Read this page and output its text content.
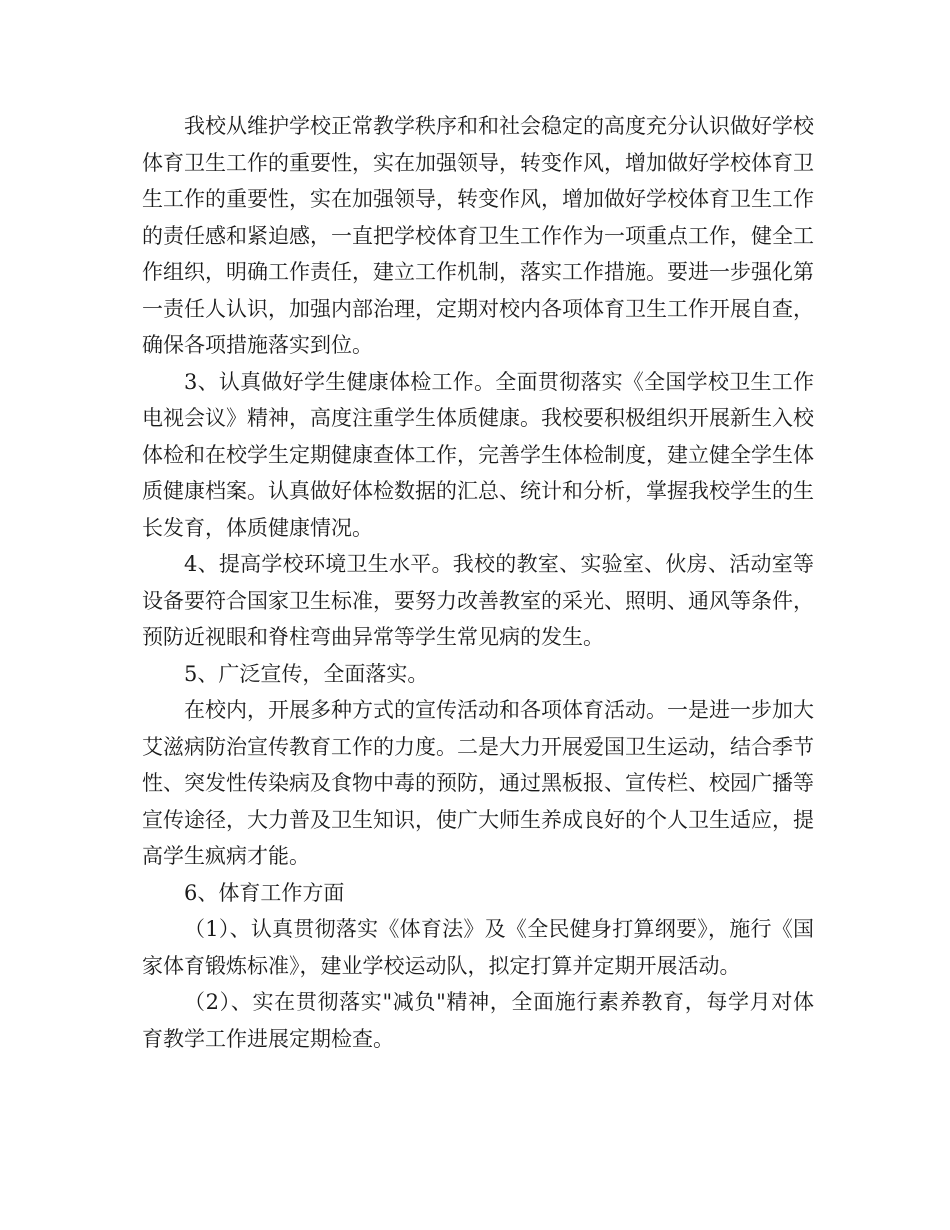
我校从维护学校正常教学秩序和和社会稳定的高度充分认识做好学校体育卫生工作的重要性，实在加强领导，转变作风，增加做好学校体育卫生工作的重要性，实在加强领导，转变作风，增加做好学校体育卫生工作的责任感和紧迫感，一直把学校体育卫生工作作为一项重点工作，健全工作组织，明确工作责任，建立工作机制，落实工作措施。要进一步强化第一责任人认识，加强内部治理，定期对校内各项体育卫生工作开展自查，确保各项措施落实到位。

3、认真做好学生健康体检工作。全面贯彻落实《全国学校卫生工作电视会议》精神，高度注重学生体质健康。我校要积极组织开展新生入校体检和在校学生定期健康查体工作，完善学生体检制度，建立健全学生体质健康档案。认真做好体检数据的汇总、统计和分析，掌握我校学生的生长发育，体质健康情况。

4、提高学校环境卫生水平。我校的教室、实验室、伙房、活动室等设备要符合国家卫生标准，要努力改善教室的采光、照明、通风等条件，预防近视眼和脊柱弯曲异常等学生常见病的发生。

5、广泛宣传，全面落实。

在校内，开展多种方式的宣传活动和各项体育活动。一是进一步加大艾滋病防治宣传教育工作的力度。二是大力开展爱国卫生运动，结合季节性、突发性传染病及食物中毒的预防，通过黑板报、宣传栏、校园广播等宣传途径，大力普及卫生知识，使广大师生养成良好的个人卫生适应，提高学生疯病才能。

6、体育工作方面

（1）、认真贯彻落实《体育法》及《全民健身打算纲要》，施行《国家体育锻炼标准》，建业学校运动队，拟定打算并定期开展活动。

（2）、实在贯彻落实"减负"精神，全面施行素养教育，每学月对体育教学工作进展定期检查。
